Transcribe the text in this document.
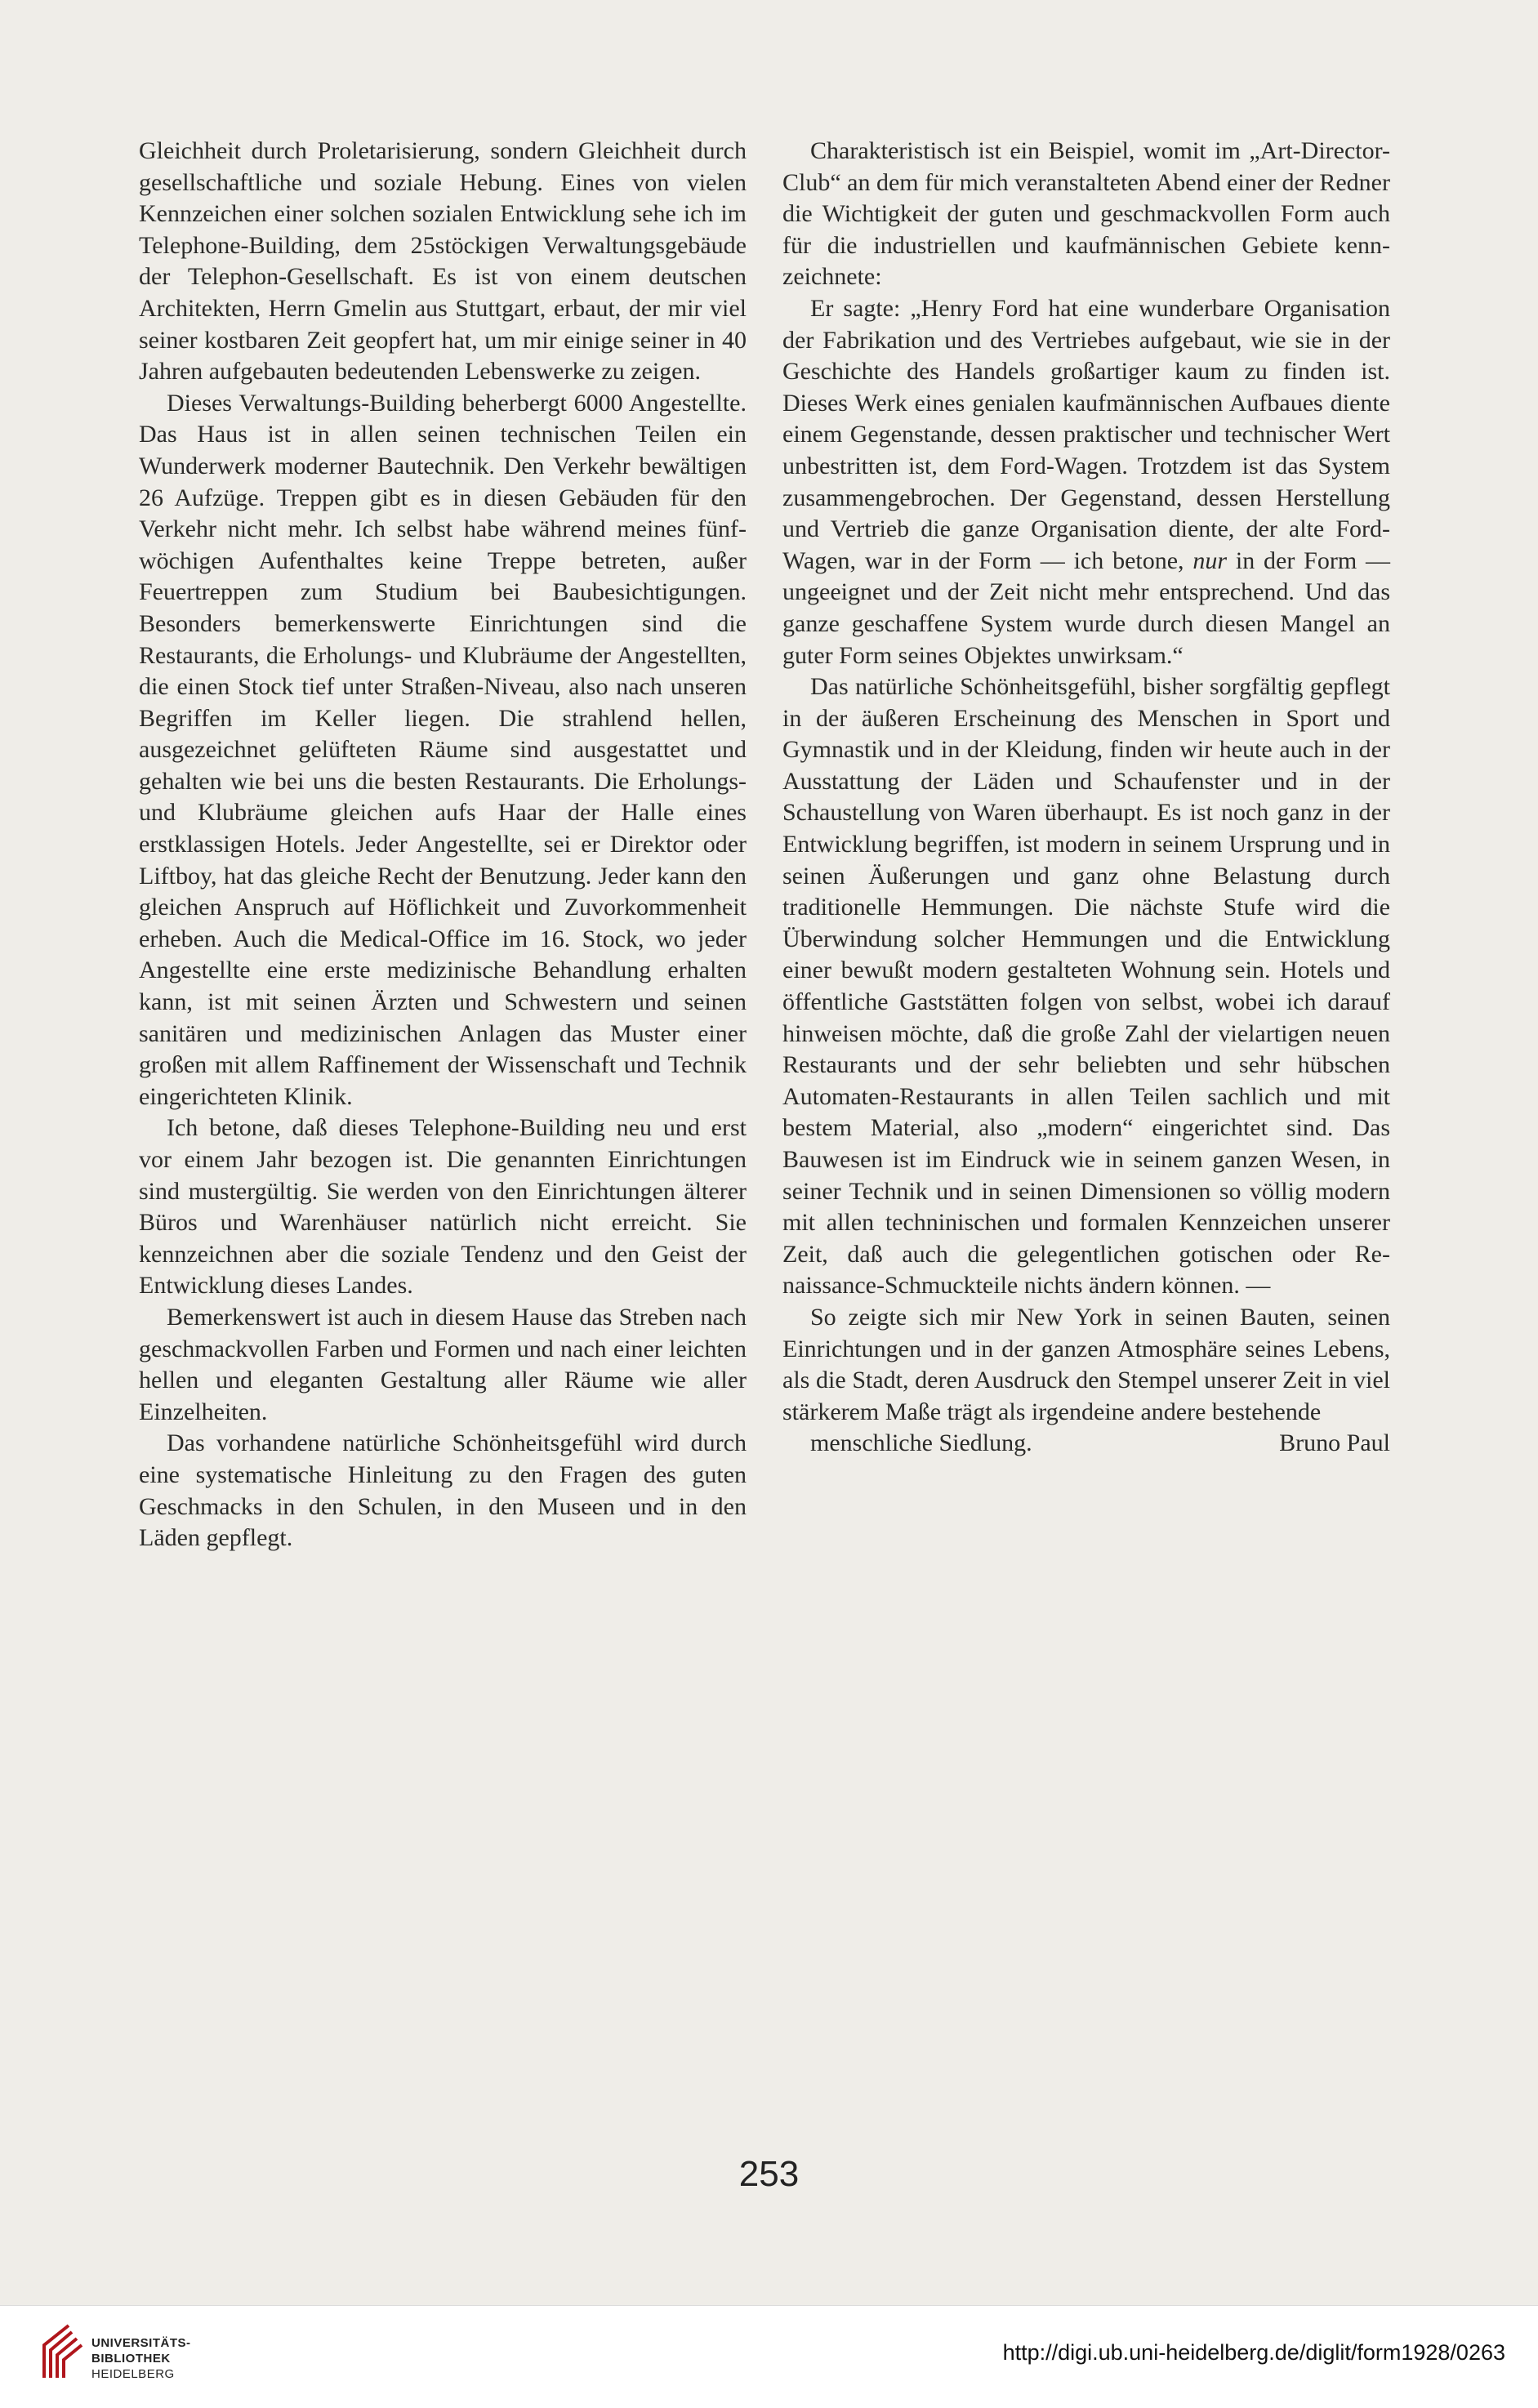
Gleichheit durch Proletarisierung, sondern Gleichheit durch gesellschaftliche und soziale Hebung. Eines von vielen Kennzeichen einer solchen sozialen Entwicklung sehe ich im Telephone-Building, dem 25stöckigen Verwaltungsgebäude der Telephon-Gesellschaft. Es ist von einem deutschen Architekten, Herrn Gmelin aus Stuttgart, erbaut, der mir viel seiner kostbaren Zeit geopfert hat, um mir einige seiner in 40 Jahren aufgebauten bedeutenden Lebenswerke zu zeigen.

Dieses Verwaltungs-Building beherbergt 6000 Angestellte. Das Haus ist in allen seinen technischen Teilen ein Wunderwerk moderner Bautechnik. Den Verkehr bewältigen 26 Aufzüge. Treppen gibt es in diesen Gebäuden für den Verkehr nicht mehr. Ich selbst habe während meines fünfwöchigen Aufenthaltes keine Treppe betreten, außer Feuertreppen zum Studium bei Baubesichtigungen. Besonders bemerkenswerte Einrichtungen sind die Restaurants, die Erholungs- und Klubräume der Angestellten, die einen Stock tief unter Straßen-Niveau, also nach unseren Begriffen im Keller liegen. Die strahlend hellen, ausgezeichnet gelüfteten Räume sind ausgestattet und gehalten wie bei uns die besten Restaurants. Die Erholungs- und Klubräume gleichen aufs Haar der Halle eines erstklassigen Hotels. Jeder Angestellte, sei er Direktor oder Liftboy, hat das gleiche Recht der Benutzung. Jeder kann den gleichen Anspruch auf Höflichkeit und Zuvorkommenheit erheben. Auch die Medical-Office im 16. Stock, wo jeder Angestellte eine erste medizinische Behandlung erhalten kann, ist mit seinen Ärzten und Schwestern und seinen sanitären und medizinischen Anlagen das Muster einer großen mit allem Raffinement der Wissenschaft und Technik eingerichteten Klinik.

Ich betone, daß dieses Telephone-Building neu und erst vor einem Jahr bezogen ist. Die genannten Einrichtungen sind mustergültig. Sie werden von den Einrichtungen älterer Büros und Warenhäuser natürlich nicht erreicht. Sie kennzeichnen aber die soziale Tendenz und den Geist der Entwicklung dieses Landes.

Bemerkenswert ist auch in diesem Hause das Streben nach geschmackvollen Farben und Formen und nach einer leichten hellen und eleganten Gestaltung aller Räume wie aller Einzelheiten.

Das vorhandene natürliche Schönheitsgefühl wird durch eine systematische Hinleitung zu den Fragen des guten Geschmacks in den Schulen, in den Museen und in den Läden gepflegt.

Charakteristisch ist ein Beispiel, womit im „Art-Director-Club“ an dem für mich veranstalteten Abend einer der Redner die Wichtigkeit der guten und geschmackvollen Form auch für die industriellen und kaufmännischen Gebiete kennzeichnete:

Er sagte: „Henry Ford hat eine wunderbare Organisation der Fabrikation und des Vertriebes aufgebaut, wie sie in der Geschichte des Handels großartiger kaum zu finden ist. Dieses Werk eines genialen kaufmännischen Aufbaues diente einem Gegenstande, dessen praktischer und technischer Wert unbestritten ist, dem Ford-Wagen. Trotzdem ist das System zusammengebrochen. Der Gegenstand, dessen Herstellung und Vertrieb die ganze Organisation diente, der alte Ford-Wagen, war in der Form — ich betone, nur in der Form — ungeeignet und der Zeit nicht mehr entsprechend. Und das ganze geschaffene System wurde durch diesen Mangel an guter Form seines Objektes unwirksam.“

Das natürliche Schönheitsgefühl, bisher sorgfältig gepflegt in der äußeren Erscheinung des Menschen in Sport und Gymnastik und in der Kleidung, finden wir heute auch in der Ausstattung der Läden und Schaufenster und in der Schaustellung von Waren überhaupt. Es ist noch ganz in der Entwicklung begriffen, ist modern in seinem Ursprung und in seinen Äußerungen und ganz ohne Belastung durch traditionelle Hemmungen. Die nächste Stufe wird die Überwindung solcher Hemmungen und die Entwicklung einer bewußt modern gestalteten Wohnung sein. Hotels und öffentliche Gaststätten folgen von selbst, wobei ich darauf hinweisen möchte, daß die große Zahl der vielartigen neuen Restaurants und der sehr beliebten und sehr hübschen Automaten-Restaurants in allen Teilen sachlich und mit bestem Material, also „modern“ eingerichtet sind. Das Bauwesen ist im Eindruck wie in seinem ganzen Wesen, in seiner Technik und in seinen Dimensionen so völlig modern mit allen techninischen und formalen Kennzeichen unserer Zeit, daß auch die gelegentlichen gotischen oder Renaissance-Schmuckteile nichts ändern können. —

So zeigte sich mir New York in seinen Bauten, seinen Einrichtungen und in der ganzen Atmosphäre seines Lebens, als die Stadt, deren Ausdruck den Stempel unserer Zeit in viel stärkerem Maße trägt als irgendeine andere bestehende

menschliche Siedlung.	Bruno Paul

253
UNIVERSITÄTS-
BIBLIOTHEK
HEIDELBERG
http://digi.ub.uni-heidelberg.de/diglit/form1928/0263
